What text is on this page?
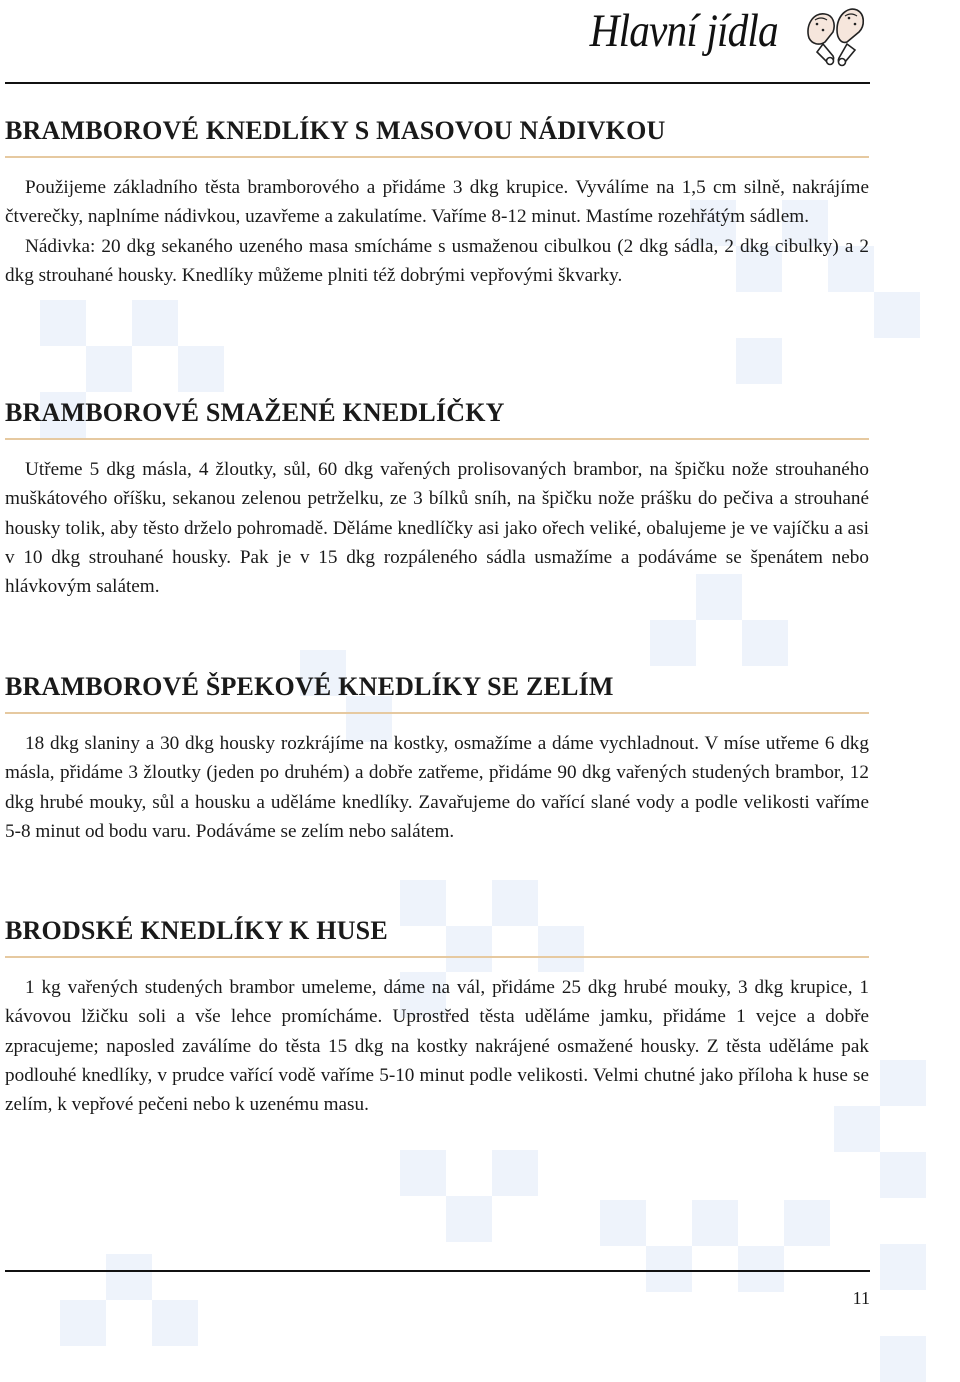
Hlavní jídla
BRAMBOROVÉ KNEDLÍKY S MASOVOU NÁDIVKOU

Použijeme základního těsta bramborového a přidáme 3 dkg krupice. Vyválíme na 1,5 cm silně, nakrájíme čtverečky, naplníme nádivkou, uzavřeme a zakulatíme. Vaříme 8-12 minut. Mastíme rozehřátým sádlem.

Nádivka: 20 dkg sekaného uzeného masa smícháme s usmaženou cibulkou (2 dkg sádla, 2 dkg cibulky) a 2 dkg strouhané housky. Knedlíky můžeme plniti též dobrými vepřovými škvarky.

BRAMBOROVÉ SMAŽENÉ KNEDLÍČKY

Utřeme 5 dkg másla, 4 žloutky, sůl, 60 dkg vařených prolisovaných brambor, na špičku nože strouhaného muškátového oříšku, sekanou zelenou petrželku, ze 3 bílků sníh, na špičku nože prášku do pečiva a strouhané housky tolik, aby těsto drželo pohromadě. Děláme knedlíčky asi jako ořech veliké, obalujeme je ve vajíčku a asi v 10 dkg strouhané housky. Pak je v 15 dkg rozpáleného sádla usmažíme a podáváme se špenátem nebo hlávkovým salátem.

BRAMBOROVÉ ŠPEKOVÉ KNEDLÍKY SE ZELÍM

18 dkg slaniny a 30 dkg housky rozkrájíme na kostky, osmažíme a dáme vychladnout. V míse utřeme 6 dkg másla, přidáme 3 žloutky (jeden po druhém) a dobře zatřeme, přidáme 90 dkg vařených studených brambor, 12 dkg hrubé mouky, sůl a housku a uděláme knedlíky. Zavařujeme do vařící slané vody a podle velikosti vaříme 5-8 minut od bodu varu. Podáváme se zelím nebo salátem.

BRODSKÉ KNEDLÍKY K HUSE

1 kg vařených studených brambor umeleme, dáme na vál, přidáme 25 dkg hrubé mouky, 3 dkg krupice, 1 kávovou lžičku soli a vše lehce promícháme. Uprostřed těsta uděláme jamku, přidáme 1 vejce a dobře zpracujeme; naposled zaválíme do těsta 15 dkg na kostky nakrájené osmažené housky. Z těsta uděláme pak podlouhé knedlíky, v prudce vařící vodě vaříme 5-10 minut podle velikosti. Velmi chutné jako příloha k huse se zelím, k vepřové pečeni nebo k uzenému masu.

11
